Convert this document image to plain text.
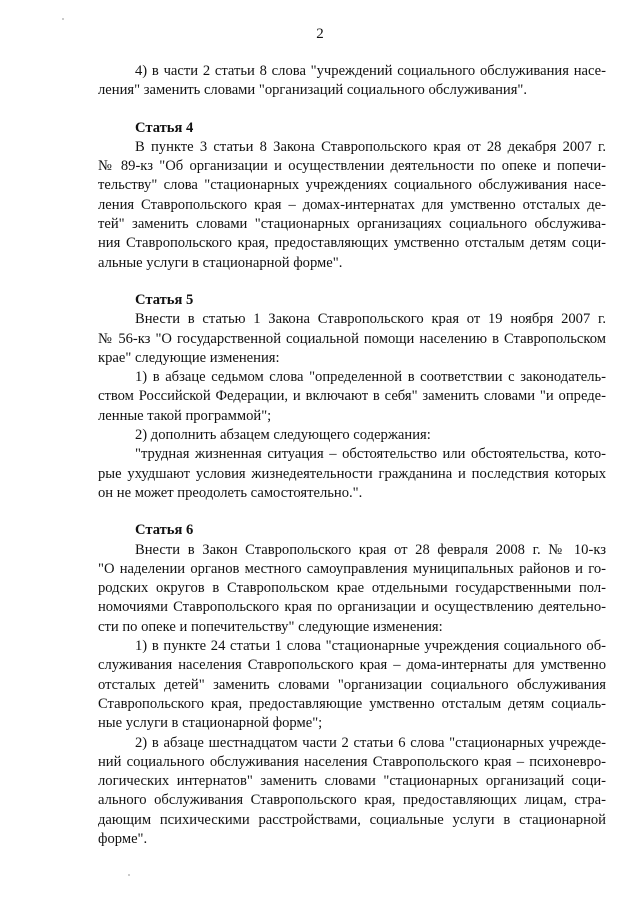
2
4) в части 2 статьи 8 слова "учреждений социального обслуживания насе-
ления" заменить словами "организаций социального обслуживания".
Статья 4
В пункте 3 статьи 8 Закона Ставропольского края от 28 декабря 2007 г.
№ 89-кз "Об организации и осуществлении деятельности по опеке и попечи-
тельству" слова "стационарных учреждениях социального обслуживания насе-
ления Ставропольского края – домах-интернатах для умственно отсталых де-
тей" заменить словами "стационарных организациях социального обслужива-
ния Ставропольского края, предоставляющих умственно отсталым детям соци-
альные услуги в стационарной форме".
Статья 5
Внести в статью 1 Закона Ставропольского края от 19 ноября 2007 г.
№ 56-кз "О государственной социальной помощи населению в Ставропольском
крае" следующие изменения:
1) в абзаце седьмом слова "определенной в соответствии с законодатель-
ством Российской Федерации, и включают в себя" заменить словами "и опреде-
ленные такой программой";
2) дополнить абзацем следующего содержания:
"трудная жизненная ситуация – обстоятельство или обстоятельства, кото-
рые ухудшают условия жизнедеятельности гражданина и последствия которых
он не может преодолеть самостоятельно.".
Статья 6
Внести в Закон Ставропольского края от 28 февраля 2008 г. № 10-кз
"О наделении органов местного самоуправления муниципальных районов и го-
родских округов в Ставропольском крае отдельными государственными пол-
номочиями Ставропольского края по организации и осуществлению деятельно-
сти по опеке и попечительству" следующие изменения:
1) в пункте 24 статьи 1 слова "стационарные учреждения социального об-
служивания населения Ставропольского края – дома-интернаты для умственно
отсталых детей" заменить словами "организации социального обслуживания
Ставропольского края, предоставляющие умственно отсталым детям социаль-
ные услуги в стационарной форме";
2) в абзаце шестнадцатом части 2 статьи 6 слова "стационарных учрежде-
ний социального обслуживания населения Ставропольского края – психоневро-
логических интернатов" заменить словами "стационарных организаций соци-
ального обслуживания Ставропольского края, предоставляющих лицам, стра-
дающим психическими расстройствами, социальные услуги в стационарной
форме".
